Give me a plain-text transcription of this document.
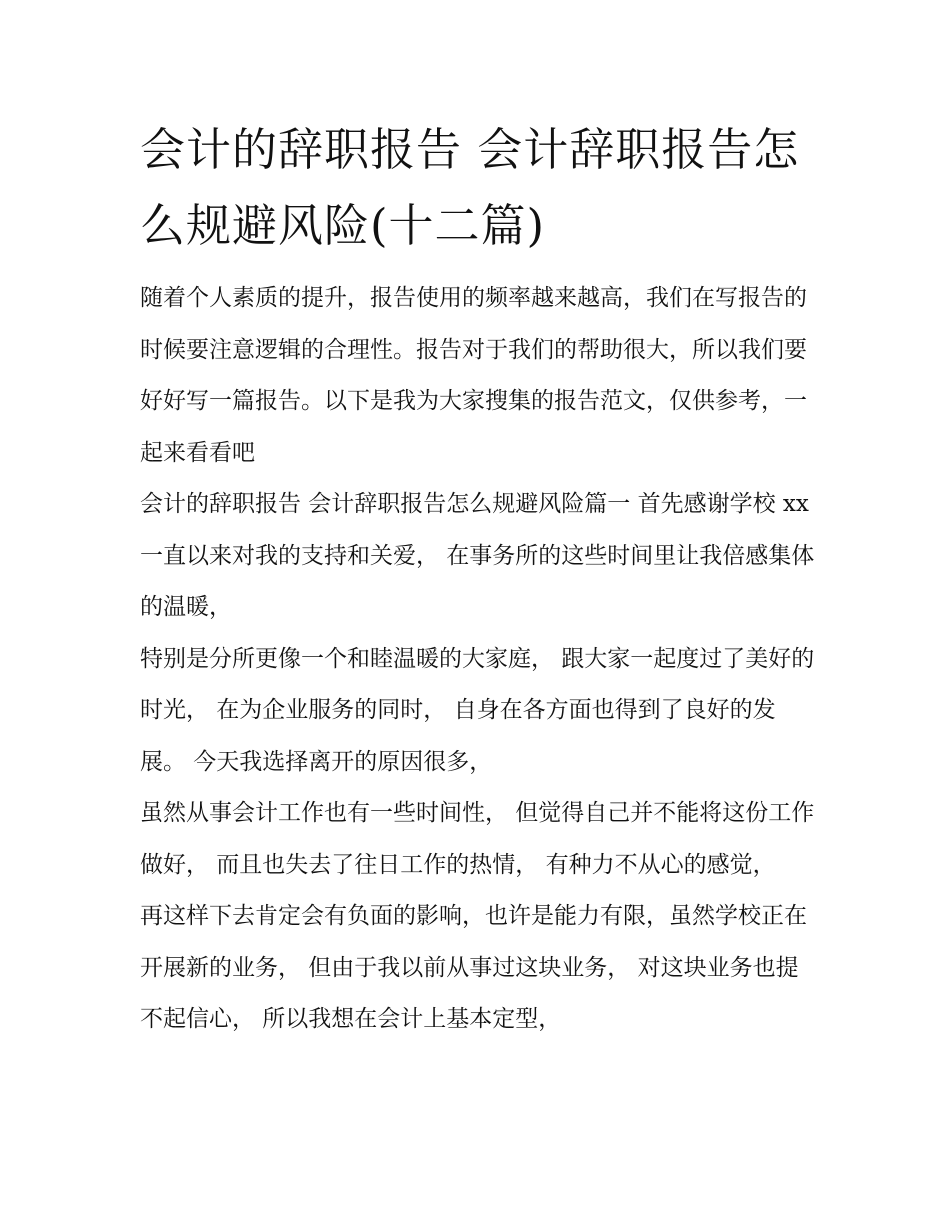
会计的辞职报告 会计辞职报告怎么规避风险(十二篇)

随着个人素质的提升，报告使用的频率越来越高，我们在写报告的时候要注意逻辑的合理性。报告对于我们的帮助很大，所以我们要好好写一篇报告。以下是我为大家搜集的报告范文，仅供参考，一起来看看吧

会计的辞职报告 会计辞职报告怎么规避风险篇一 首先感谢学校 xx 一直以来对我的支持和关爱， 在事务所的这些时间里让我倍感集体的温暖，

特别是分所更像一个和睦温暖的大家庭， 跟大家一起度过了美好的时光， 在为企业服务的同时， 自身在各方面也得到了良好的发展。 今天我选择离开的原因很多，

虽然从事会计工作也有一些时间性， 但觉得自己并不能将这份工作做好， 而且也失去了往日工作的热情， 有种力不从心的感觉，

再这样下去肯定会有负面的影响，也许是能力有限，虽然学校正在开展新的业务， 但由于我以前从事过这块业务， 对这块业务也提不起信心， 所以我想在会计上基本定型，
